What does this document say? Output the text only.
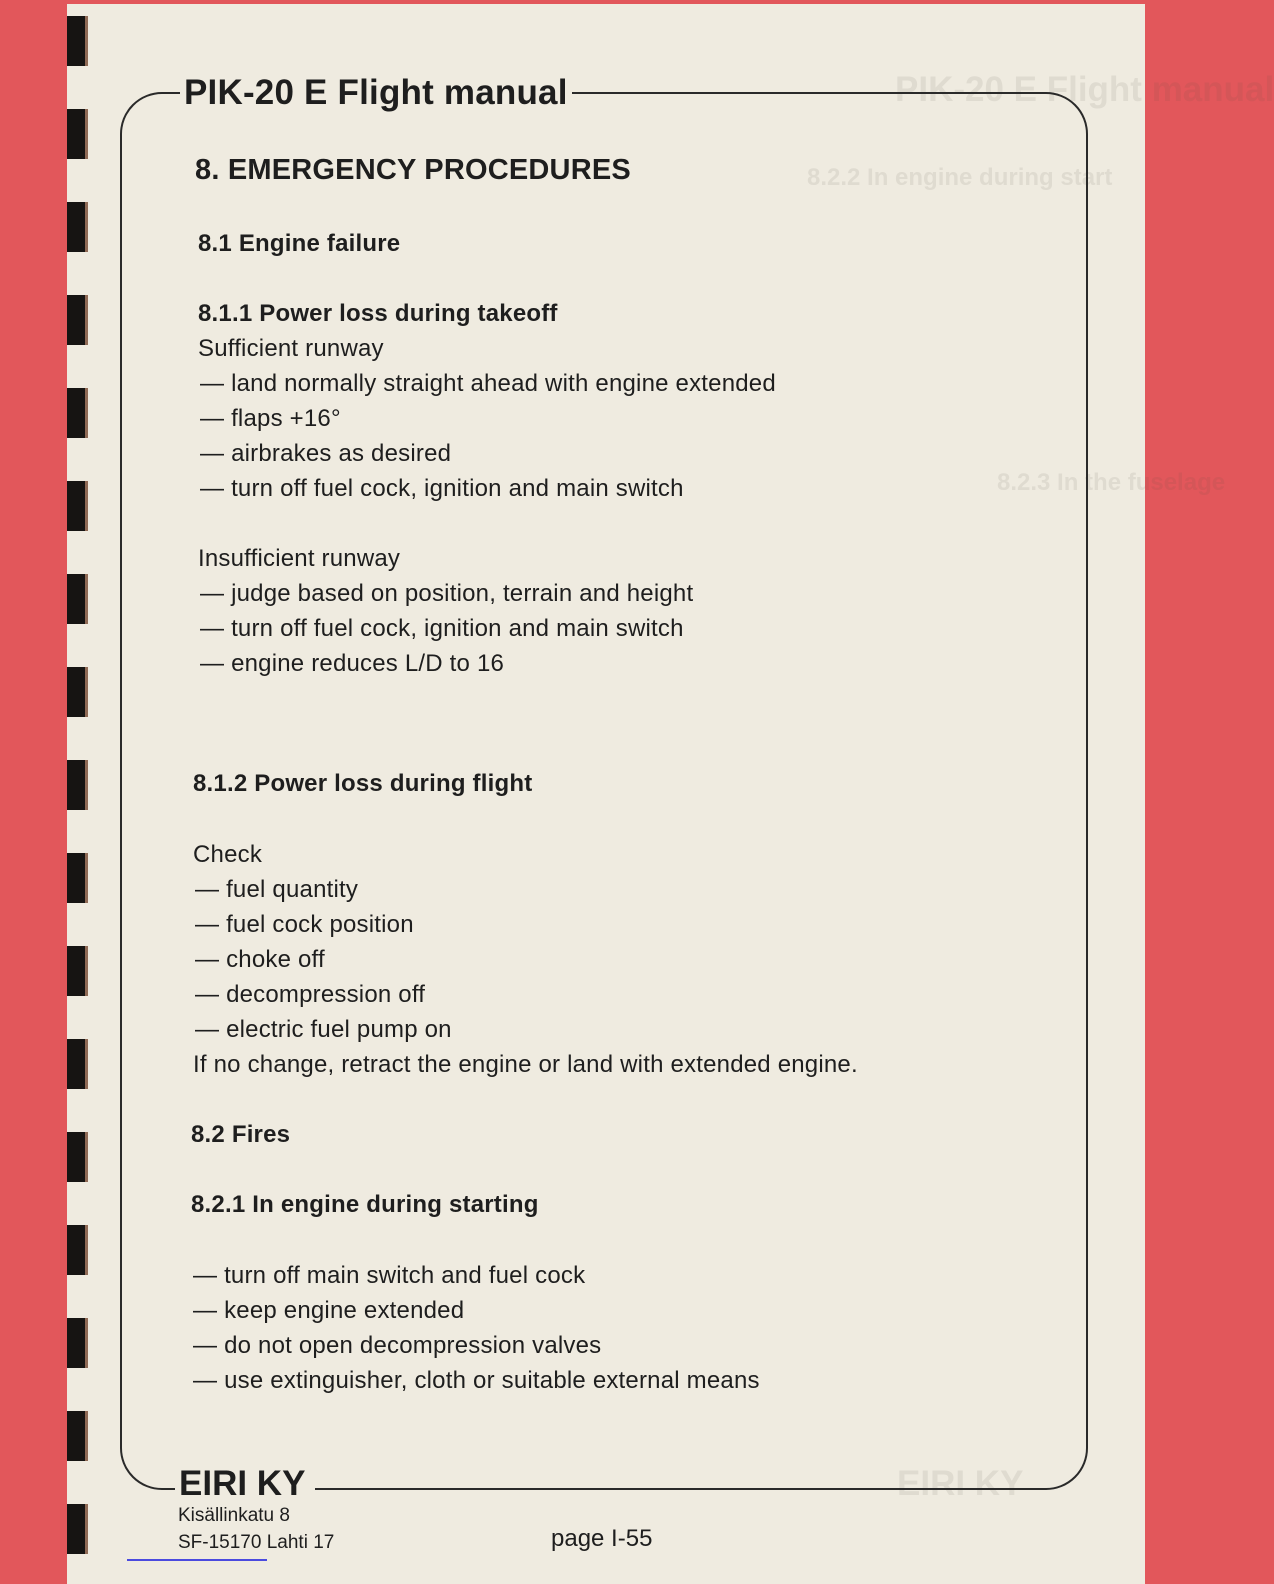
PIK-20 E Flight manual
8.2.2 In engine during start
8.2.3 In the fuselage
EIRI KY
PIK-20 E Flight manual
8. EMERGENCY PROCEDURES
8.1 Engine failure
8.1.1 Power loss during takeoff
Sufficient runway
— land normally straight ahead with engine extended
— flaps +16°
— airbrakes as desired
— turn off fuel cock, ignition and main switch
Insufficient runway
— judge based on position, terrain and height
— turn off fuel cock, ignition and main switch
— engine reduces L/D to 16
8.1.2 Power loss during flight
Check
— fuel quantity
— fuel cock position
— choke off
— decompression off
— electric fuel pump on
If no change, retract the engine or land with extended engine.
8.2 Fires
8.2.1 In engine during starting
— turn off main switch and fuel cock
— keep engine extended
— do not open decompression valves
— use extinguisher, cloth or suitable external means
EIRI KY
Kisällinkatu 8
SF-15170 Lahti 17	page I-55
